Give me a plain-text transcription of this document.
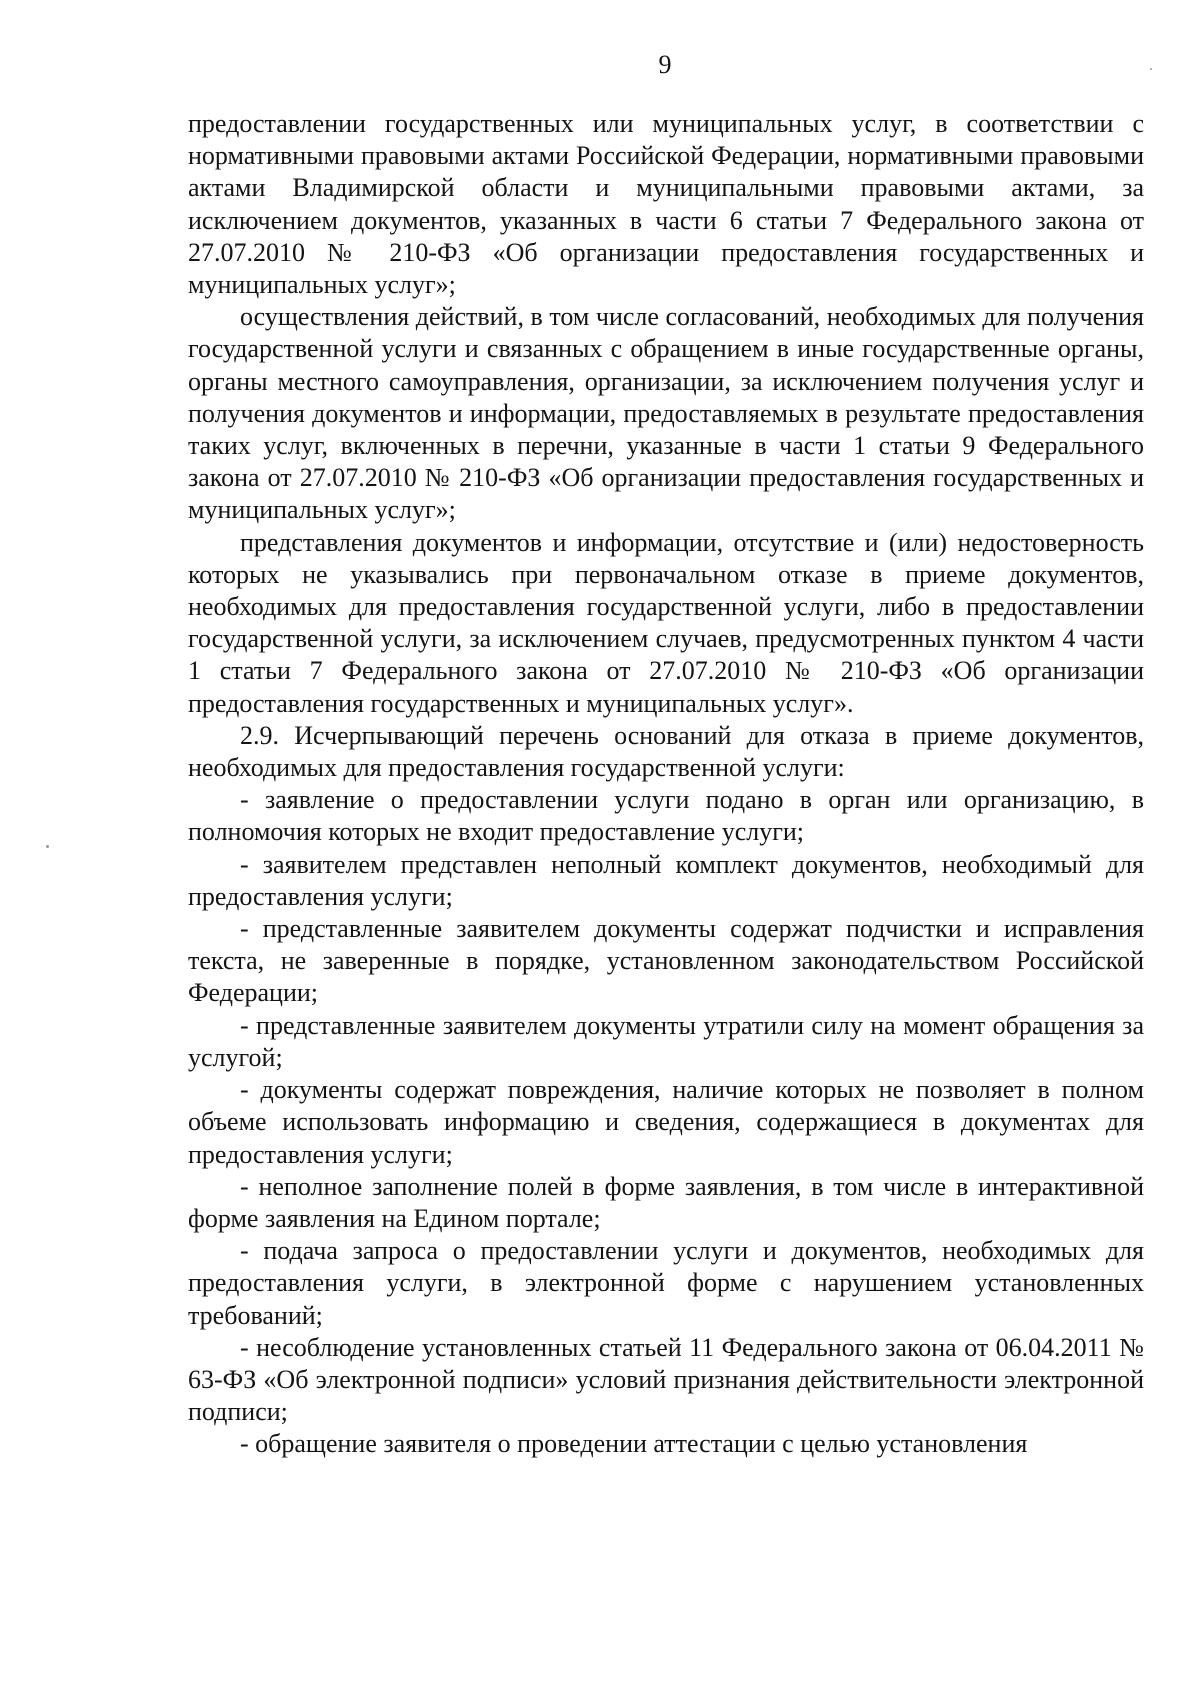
9

предоставлении государственных или муниципальных услуг, в соответствии с нормативными правовыми актами Российской Федерации, нормативными правовыми актами Владимирской области и муниципальными правовыми актами, за исключением документов, указанных в части 6 статьи 7 Федерального закона от 27.07.2010 № 210-ФЗ «Об организации предоставления государственных и муниципальных услуг»;

осуществления действий, в том числе согласований, необходимых для получения государственной услуги и связанных с обращением в иные государственные органы, органы местного самоуправления, организации, за исключением получения услуг и получения документов и информации, предоставляемых в результате предоставления таких услуг, включенных в перечни, указанные в части 1 статьи 9 Федерального закона от 27.07.2010 № 210-ФЗ «Об организации предоставления государственных и муниципальных услуг»;

представления документов и информации, отсутствие и (или) недостоверность которых не указывались при первоначальном отказе в приеме документов, необходимых для предоставления государственной услуги, либо в предоставлении государственной услуги, за исключением случаев, предусмотренных пунктом 4 части 1 статьи 7 Федерального закона от 27.07.2010 № 210-ФЗ «Об организации предоставления государственных и муниципальных услуг».

2.9. Исчерпывающий перечень оснований для отказа в приеме документов, необходимых для предоставления государственной услуги:

- заявление о предоставлении услуги подано в орган или организацию, в полномочия которых не входит предоставление услуги;

- заявителем представлен неполный комплект документов, необходимый для предоставления услуги;

- представленные заявителем документы содержат подчистки и исправления текста, не заверенные в порядке, установленном законодательством Российской Федерации;

- представленные заявителем документы утратили силу на момент обращения за услугой;

- документы содержат повреждения, наличие которых не позволяет в полном объеме использовать информацию и сведения, содержащиеся в документах для предоставления услуги;

- неполное заполнение полей в форме заявления, в том числе в интерактивной форме заявления на Едином портале;

- подача запроса о предоставлении услуги и документов, необходимых для предоставления услуги, в электронной форме с нарушением установленных требований;

- несоблюдение установленных статьей 11 Федерального закона от 06.04.2011 № 63-ФЗ «Об электронной подписи» условий признания действительности электронной подписи;

- обращение заявителя о проведении аттестации с целью установления
